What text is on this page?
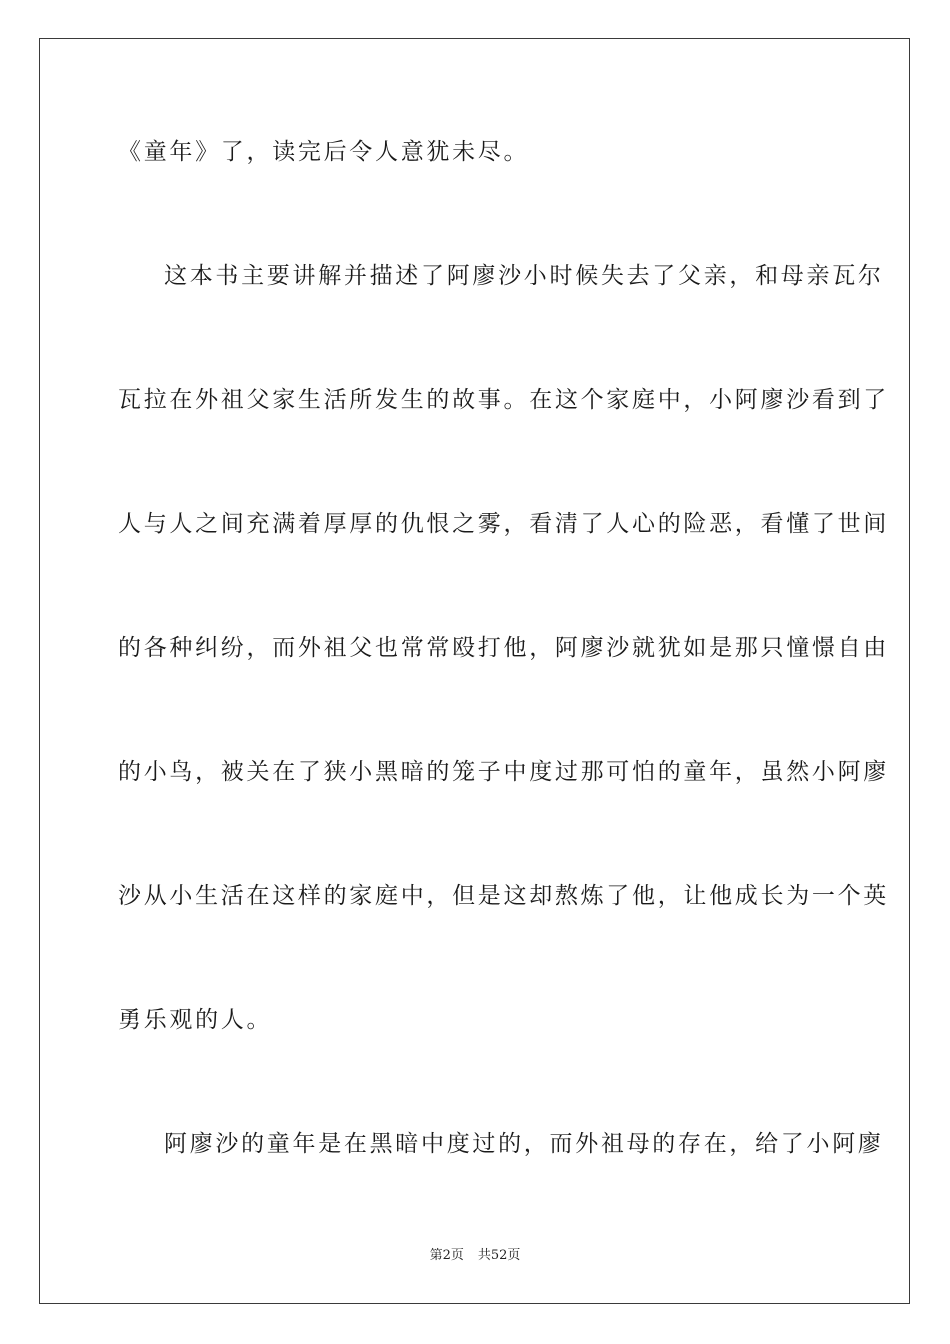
《童年》了，读完后令人意犹未尽。
这本书主要讲解并描述了阿廖沙小时候失去了父亲，和母亲瓦尔
瓦拉在外祖父家生活所发生的故事。在这个家庭中，小阿廖沙看到了
人与人之间充满着厚厚的仇恨之雾，看清了人心的险恶，看懂了世间
的各种纠纷，而外祖父也常常殴打他，阿廖沙就犹如是那只憧憬自由
的小鸟，被关在了狭小黑暗的笼子中度过那可怕的童年，虽然小阿廖
沙从小生活在这样的家庭中，但是这却熬炼了他，让他成长为一个英
勇乐观的人。
阿廖沙的童年是在黑暗中度过的，而外祖母的存在，给了小阿廖
第2页 共52页
